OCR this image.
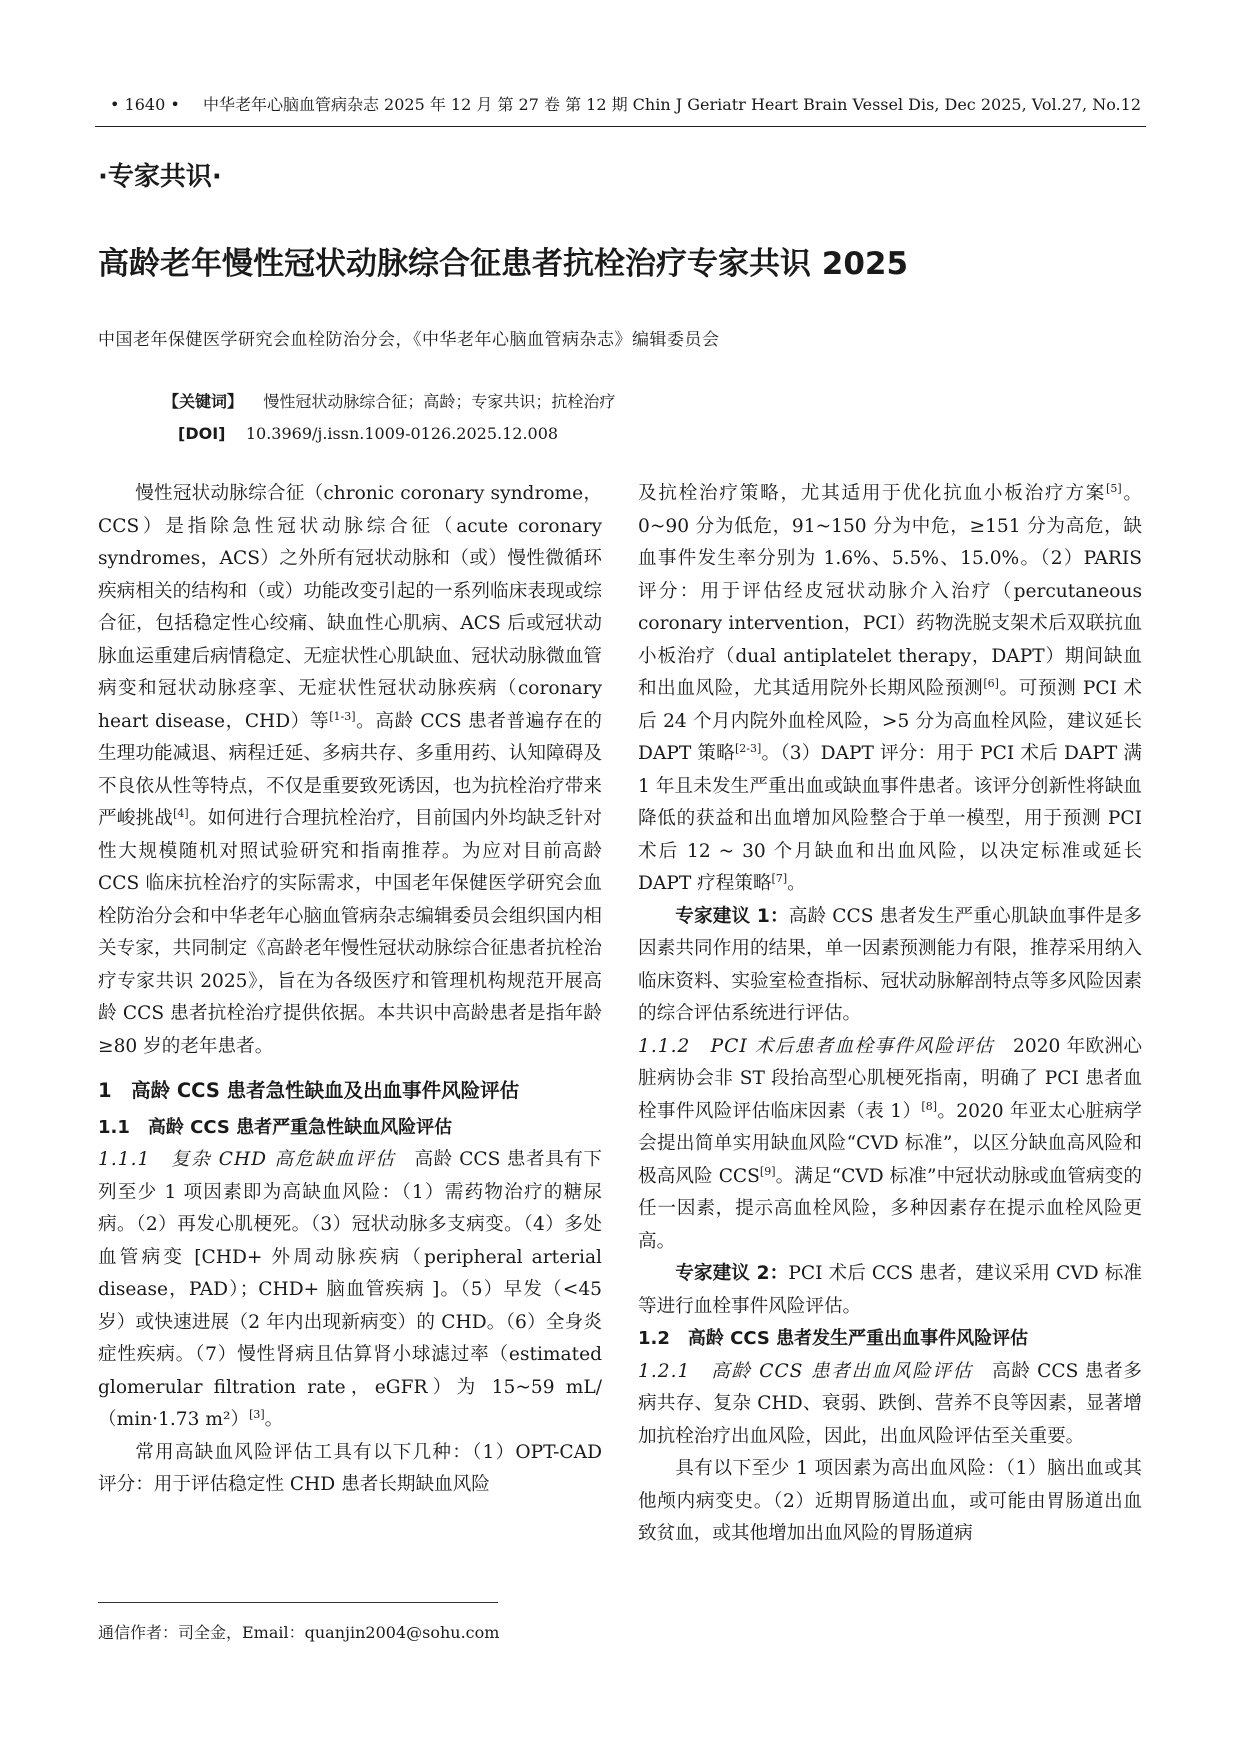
• 1640 • 中华老年心脑血管病杂志 2025 年 12 月 第 27 卷 第 12 期 Chin J Geriatr Heart Brain Vessel Dis, Dec 2025, Vol.27, No.12
·专家共识·
高龄老年慢性冠状动脉综合征患者抗栓治疗专家共识 2025
中国老年保健医学研究会血栓防治分会，《中华老年心脑血管病杂志》编辑委员会
【关键词】 慢性冠状动脉综合征；高龄；专家共识；抗栓治疗
[DOI] 10.3969/j.issn.1009-0126.2025.12.008

慢性冠状动脉综合征（chronic coronary syndrome，CCS）是指除急性冠状动脉综合征（acute coronary syndromes，ACS）之外所有冠状动脉和（或）慢性微循环疾病相关的结构和（或）功能改变引起的一系列临床表现或综合征，包括稳定性心绞痛、缺血性心肌病、ACS 后或冠状动脉血运重建后病情稳定、无症状性心肌缺血、冠状动脉微血管病变和冠状动脉痉挛、无症状性冠状动脉疾病（coronary heart disease，CHD）等[1-3]。高龄 CCS 患者普遍存在的生理功能减退、病程迁延、多病共存、多重用药、认知障碍及不良依从性等特点，不仅是重要致死诱因，也为抗栓治疗带来严峻挑战[4]。如何进行合理抗栓治疗，目前国内外均缺乏针对性大规模随机对照试验研究和指南推荐。为应对目前高龄 CCS 临床抗栓治疗的实际需求，中国老年保健医学研究会血栓防治分会和中华老年心脑血管病杂志编辑委员会组织国内相关专家，共同制定《高龄老年慢性冠状动脉综合征患者抗栓治疗专家共识 2025》，旨在为各级医疗和管理机构规范开展高龄 CCS 患者抗栓治疗提供依据。本共识中高龄患者是指年龄≥80 岁的老年患者。

1　高龄 CCS 患者急性缺血及出血事件风险评估
1.1　高龄 CCS 患者严重急性缺血风险评估

1.1.1　复杂 CHD 高危缺血评估　高龄 CCS 患者具有下列至少 1 项因素即为高缺血风险：（1）需药物治疗的糖尿病。（2）再发心肌梗死。（3）冠状动脉多支病变。（4）多处血管病变 [CHD+ 外周动脉疾病（peripheral arterial disease，PAD）；CHD+ 脑血管疾病 ]。（5）早发（<45 岁）或快速进展（2 年内出现新病变）的 CHD。（6）全身炎症性疾病。（7）慢性肾病且估算肾小球滤过率（estimated glomerular filtration rate，eGFR）为 15~59 mL/（min·1.73 m²）[3]。

常用高缺血风险评估工具有以下几种：（1）OPT-CAD 评分：用于评估稳定性 CHD 患者长期缺血风险

及抗栓治疗策略，尤其适用于优化抗血小板治疗方案[5]。0~90 分为低危，91~150 分为中危，≥151 分为高危，缺血事件发生率分别为 1.6%、5.5%、15.0%。（2）PARIS 评分：用于评估经皮冠状动脉介入治疗（percutaneous coronary intervention，PCI）药物洗脱支架术后双联抗血小板治疗（dual antiplatelet therapy，DAPT）期间缺血和出血风险，尤其适用院外长期风险预测[6]。可预测 PCI 术后 24 个月内院外血栓风险，>5 分为高血栓风险，建议延长 DAPT 策略[2-3]。（3）DAPT 评分：用于 PCI 术后 DAPT 满 1 年且未发生严重出血或缺血事件患者。该评分创新性将缺血降低的获益和出血增加风险整合于单一模型，用于预测 PCI 术后 12 ~ 30 个月缺血和出血风险，以决定标准或延长 DAPT 疗程策略[7]。

专家建议 1：高龄 CCS 患者发生严重心肌缺血事件是多因素共同作用的结果，单一因素预测能力有限，推荐采用纳入临床资料、实验室检查指标、冠状动脉解剖特点等多风险因素的综合评估系统进行评估。

1.1.2　PCI 术后患者血栓事件风险评估　2020 年欧洲心脏病协会非 ST 段抬高型心肌梗死指南，明确了 PCI 患者血栓事件风险评估临床因素（表 1）[8]。2020 年亚太心脏病学会提出简单实用缺血风险“CVD 标准”，以区分缺血高风险和极高风险 CCS[9]。满足“CVD 标准”中冠状动脉或血管病变的任一因素，提示高血栓风险，多种因素存在提示血栓风险更高。

专家建议 2：PCI 术后 CCS 患者，建议采用 CVD 标准等进行血栓事件风险评估。

1.2　高龄 CCS 患者发生严重出血事件风险评估

1.2.1　高龄 CCS 患者出血风险评估　高龄 CCS 患者多病共存、复杂 CHD、衰弱、跌倒、营养不良等因素，显著增加抗栓治疗出血风险，因此，出血风险评估至关重要。

具有以下至少 1 项因素为高出血风险：（1）脑出血或其他颅内病变史。（2）近期胃肠道出血，或可能由胃肠道出血致贫血，或其他增加出血风险的胃肠道病

通信作者：司全金，Email：quanjin2004@sohu.com
